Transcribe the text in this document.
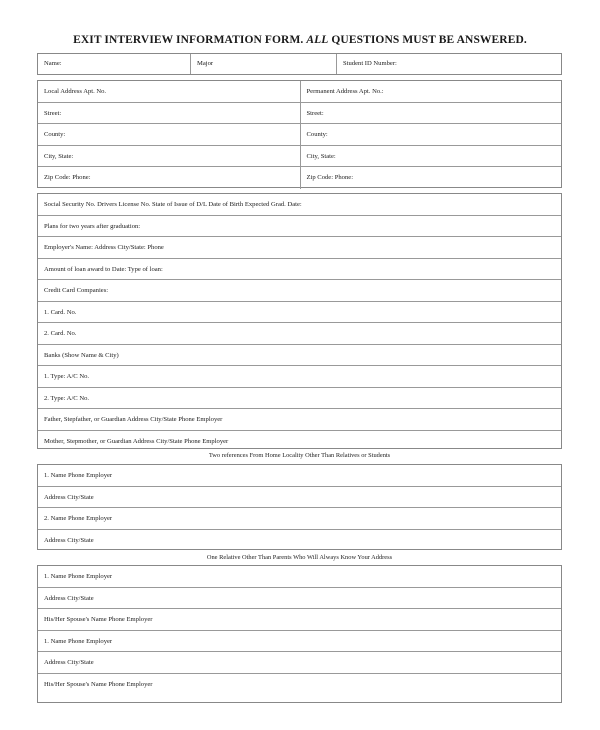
EXIT INTERVIEW INFORMATION FORM. ALL QUESTIONS MUST BE ANSWERED.
Name:	Major	Student ID Number:
Local Address Apt. No.
Street:
County:
City, State:
Zip Code: Phone:
Permanent Address Apt. No.:
Street:
County:
City, State:
Zip Code: Phone:
Social Security No. Drivers License No. State of Issue of D/L Date of Birth Expected Grad. Date:
Plans for two years after graduation:
Employer's Name: Address City/State: Phone
Amount of loan award to Date: Type of loan:
Credit Card Companies:
1. Card. No.
2. Card. No.
Banks (Show Name & City)
1. Type: A/C No.
2. Type: A/C No.
Father, Stepfather, or Guardian Address City/State Phone Employer
Mother, Stepmother, or Guardian Address City/State Phone Employer
Two references From Home Locality Other Than Relatives or Students
1. Name Phone Employer
Address City/State
2. Name Phone Employer
Address City/State
One Relative Other Than Parents Who Will Always Know Your Address
1. Name Phone Employer
Address City/State
His/Her Spouse's Name Phone Employer
1. Name Phone Employer
Address City/State
His/Her Spouse's Name Phone Employer
